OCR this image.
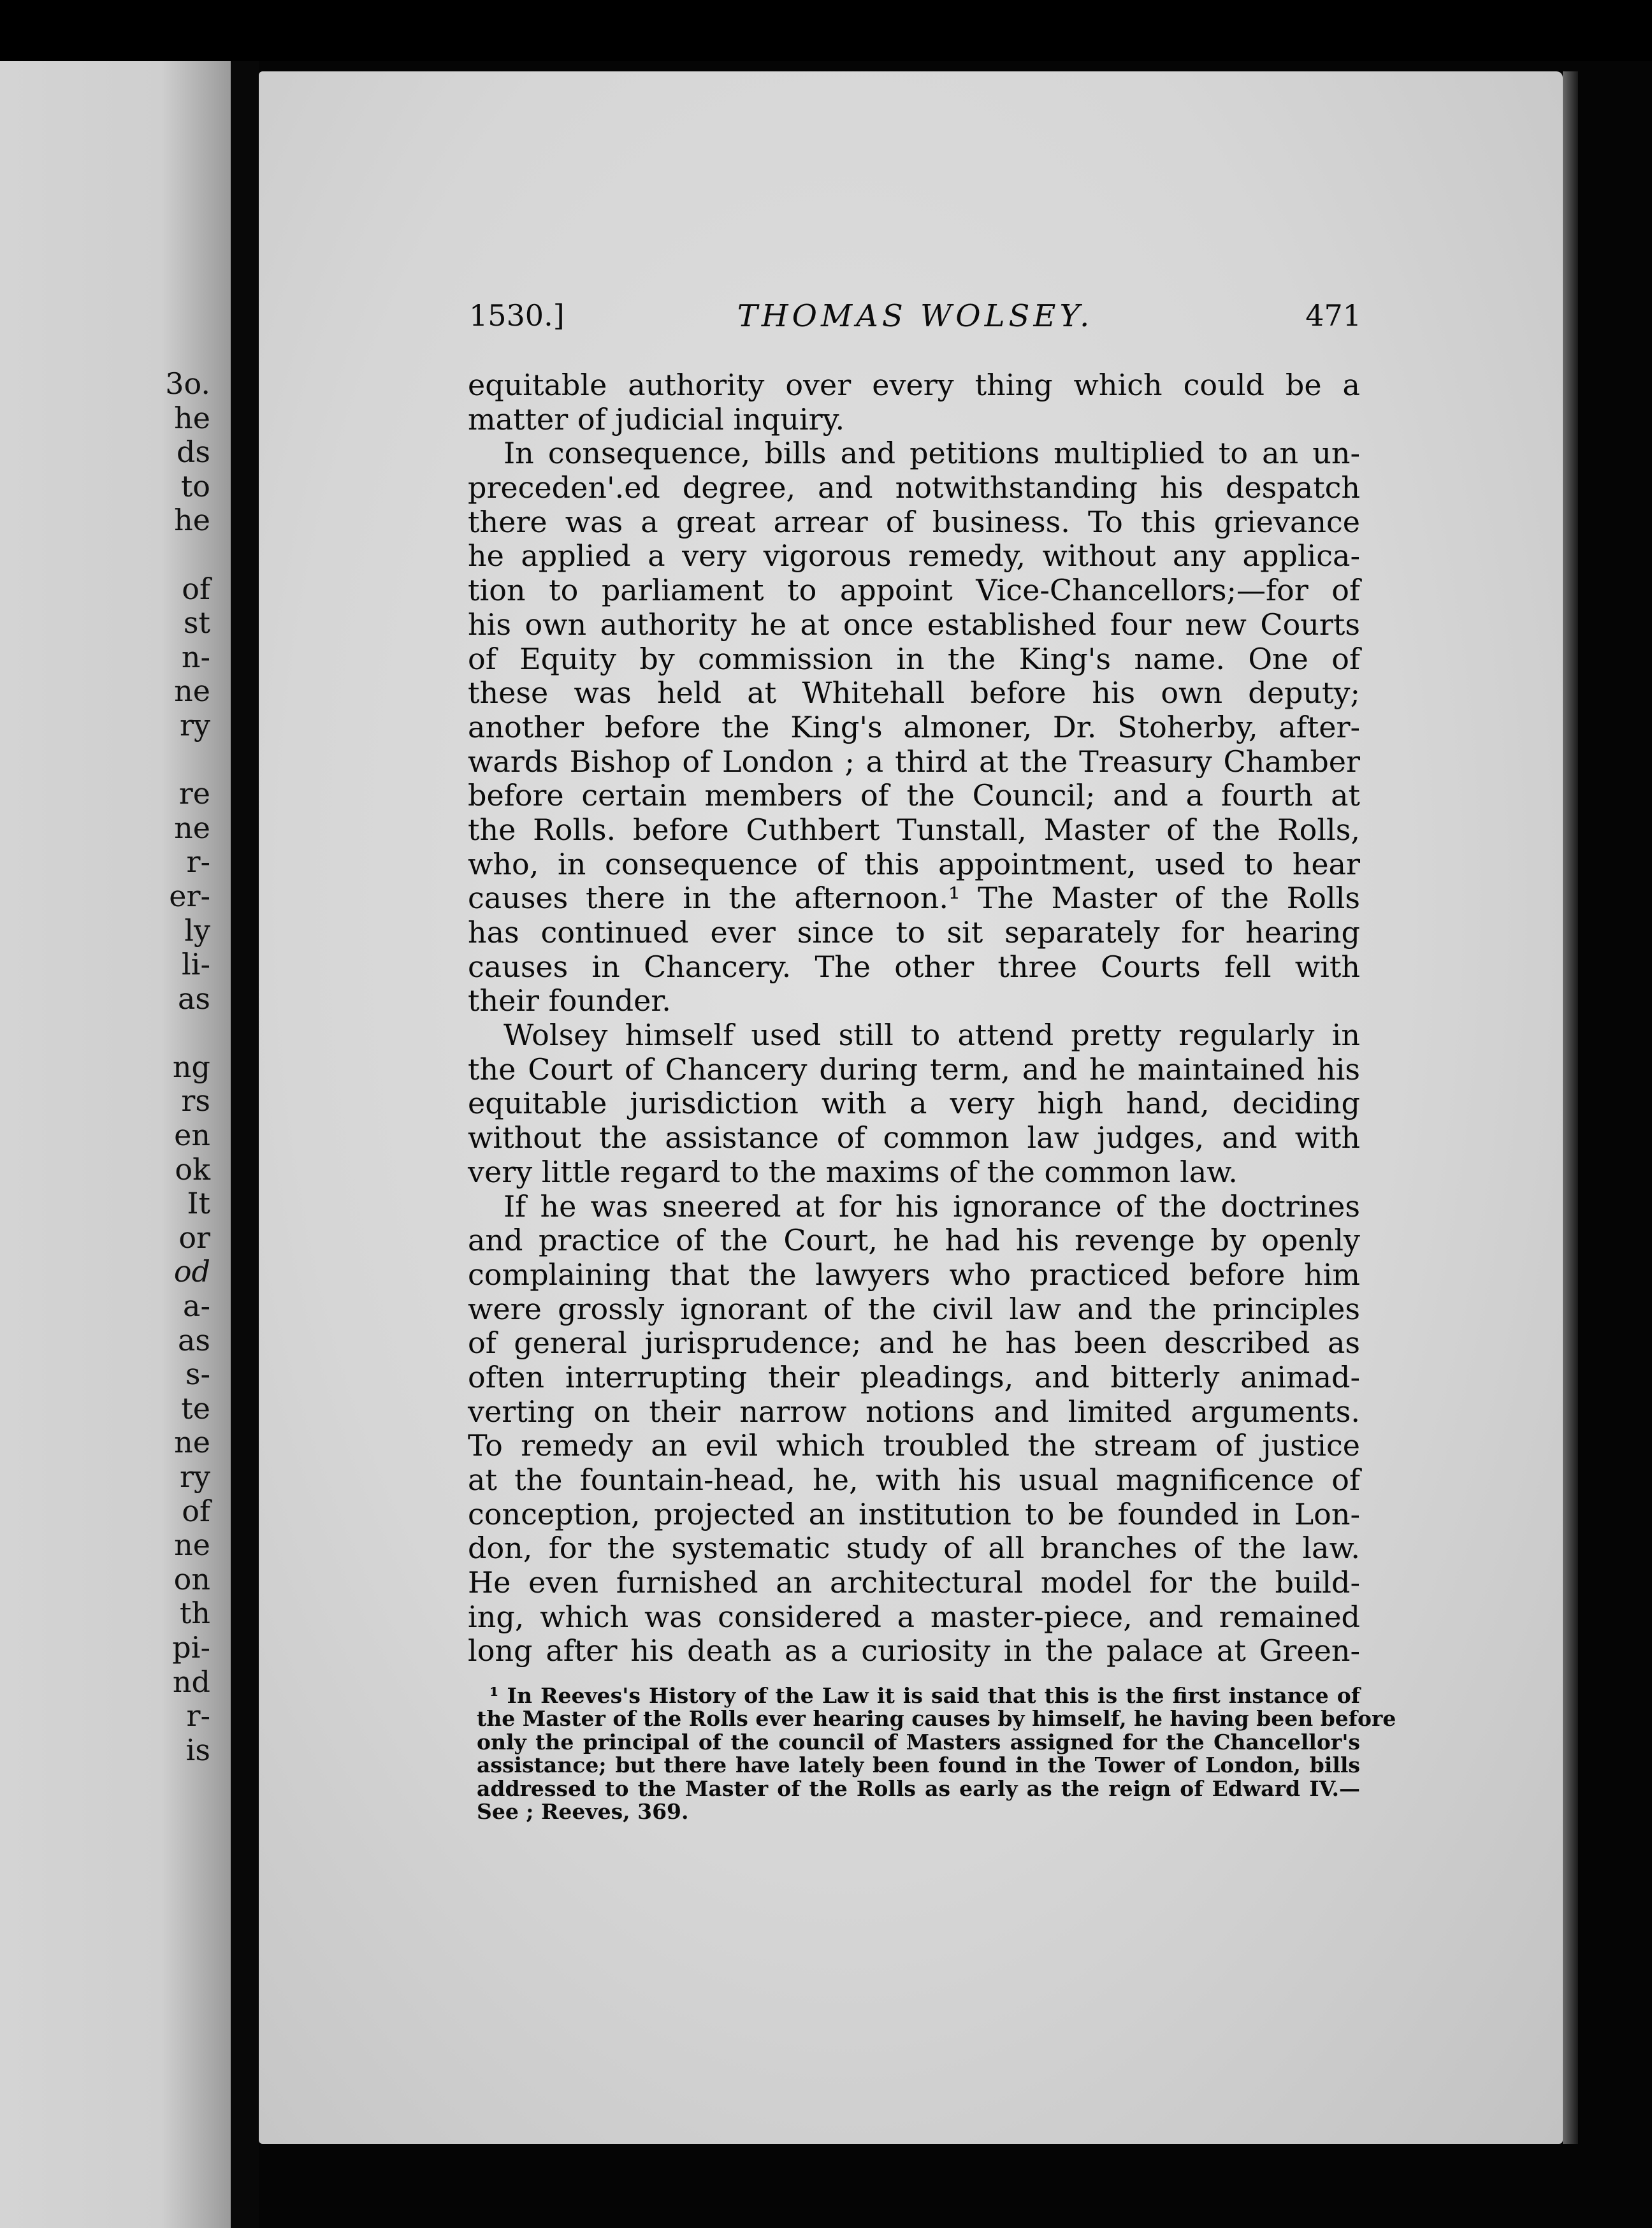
3o.
he
ds
to
he
of
st
n-
ne
ry
re
ne
r-
er-
ly
li-
as
ng
rs
en
ok
It
or
od
a-
as
s-
te
ne
ry
of
ne
on
th
pi-
nd
r-
is
1530.]	THOMAS WOLSEY.	471
equitable authority over every thing which could be a
matter of judicial inquiry.
In consequence, bills and petitions multiplied to an un-
preceden'.ed degree, and notwithstanding his despatch
there was a great arrear of business. To this grievance
he applied a very vigorous remedy, without any applica-
tion to parliament to appoint Vice-Chancellors;—for of
his own authority he at once established four new Courts
of Equity by commission in the King's name. One of
these was held at Whitehall before his own deputy;
another before the King's almoner, Dr. Stoherby, after-
wards Bishop of London ; a third at the Treasury Chamber
before certain members of the Council; and a fourth at
the Rolls. before Cuthbert Tunstall, Master of the Rolls,
who, in consequence of this appointment, used to hear
causes there in the afternoon.¹ The Master of the Rolls
has continued ever since to sit separately for hearing
causes in Chancery. The other three Courts fell with
their founder.
Wolsey himself used still to attend pretty regularly in
the Court of Chancery during term, and he maintained his
equitable jurisdiction with a very high hand, deciding
without the assistance of common law judges, and with
very little regard to the maxims of the common law.
If he was sneered at for his ignorance of the doctrines
and practice of the Court, he had his revenge by openly
complaining that the lawyers who practiced before him
were grossly ignorant of the civil law and the principles
of general jurisprudence; and he has been described as
often interrupting their pleadings, and bitterly animad-
verting on their narrow notions and limited arguments.
To remedy an evil which troubled the stream of justice
at the fountain-head, he, with his usual magnificence of
conception, projected an institution to be founded in Lon-
don, for the systematic study of all branches of the law.
He even furnished an architectural model for the build-
ing, which was considered a master-piece, and remained
long after his death as a curiosity in the palace at Green-
¹ In Reeves's History of the Law it is said that this is the first instance of
the Master of the Rolls ever hearing causes by himself, he having been before
only the principal of the council of Masters assigned for the Chancellor's
assistance; but there have lately been found in the Tower of London, bills
addressed to the Master of the Rolls as early as the reign of Edward IV.—
See ; Reeves, 369.
